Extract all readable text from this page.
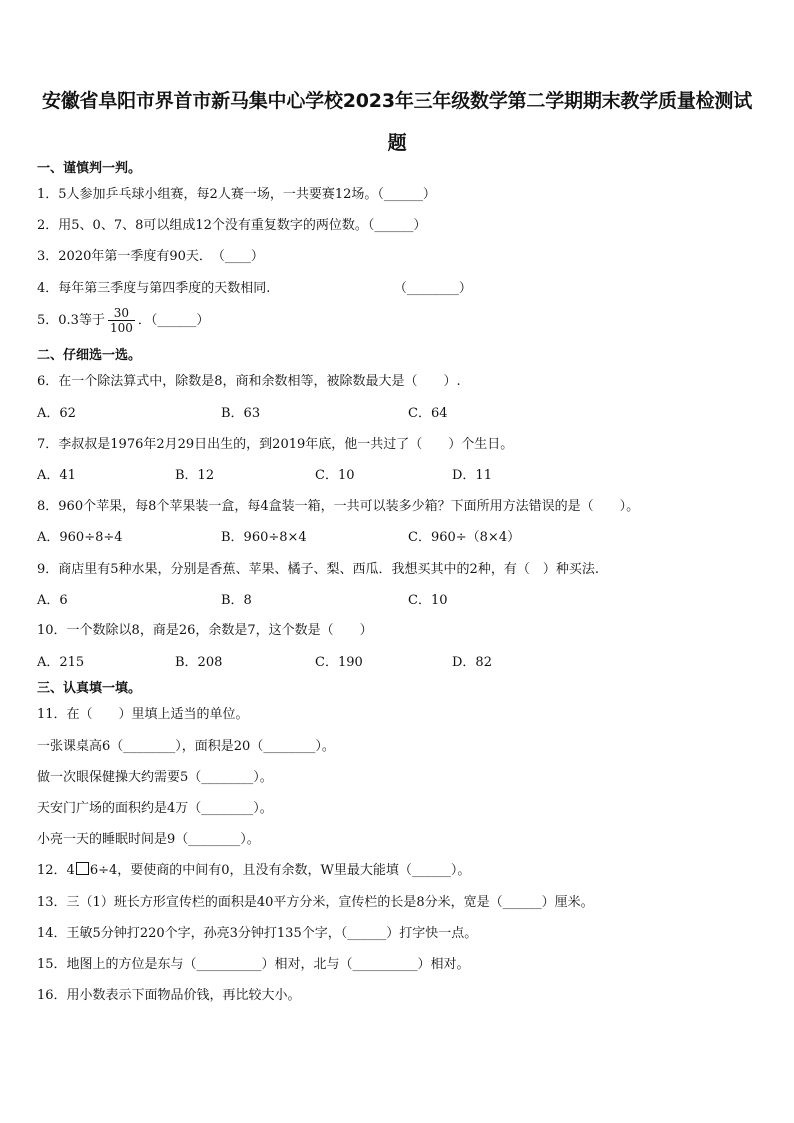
安徽省阜阳市界首市新马集中心学校2023年三年级数学第二学期期末教学质量检测试
题
一、谨慎判一判。
1．5人参加乒乓球小组赛，每2人赛一场，一共要赛12场。（______）
2．用5、0、7、8可以组成12个没有重复数字的两位数。（______）
3．2020年第一季度有90天．　（____）
4．每年第三季度与第四季度的天数相同.　　　　　　　　　　（________）
5．0.3等于 $\frac{30}{100}$ ．（______）
二、仔细选一选。
6．在一个除法算式中，除数是8，商和余数相等，被除数最大是（　　）.
A．62	B．63	C．64
7．李叔叔是1976年2月29日出生的，到2019年底，他一共过了（　　）个生日。
A．41	B．12	C．10	D．11
8．960个苹果，每8个苹果装一盒，每4盒装一箱，一共可以装多少箱？下面所用方法错误的是（　　）。
A．960÷8÷4	B．960÷8×4	C．960÷（8×4）
9．商店里有5种水果，分别是香蕉、苹果、橘子、梨、西瓜．我想买其中的2种，有（　）种买法.
A．6	B．8	C．10
10．一个数除以8，商是26，余数是7，这个数是（　　）
A．215	B．208	C．190	D．82
三、认真填一填。
11．在（　　）里填上适当的单位。
一张课桌高6（________），面积是20（________）。
做一次眼保健操大约需要5（________）。
天安门广场的面积约是4万（________）。
小亮一天的睡眠时间是9（________）。
12．4 6÷4，要使商的中间有0，且没有余数，W里最大能填（______）。
13．三（1）班长方形宣传栏的面积是40平方分米，宣传栏的长是8分米，宽是（______）厘米。
14．王敏5分钟打220个字，孙亮3分钟打135个字，（______）打字快一点。
15．地图上的方位是东与（__________）相对，北与（__________）相对。
16．用小数表示下面物品价钱，再比较大小。
